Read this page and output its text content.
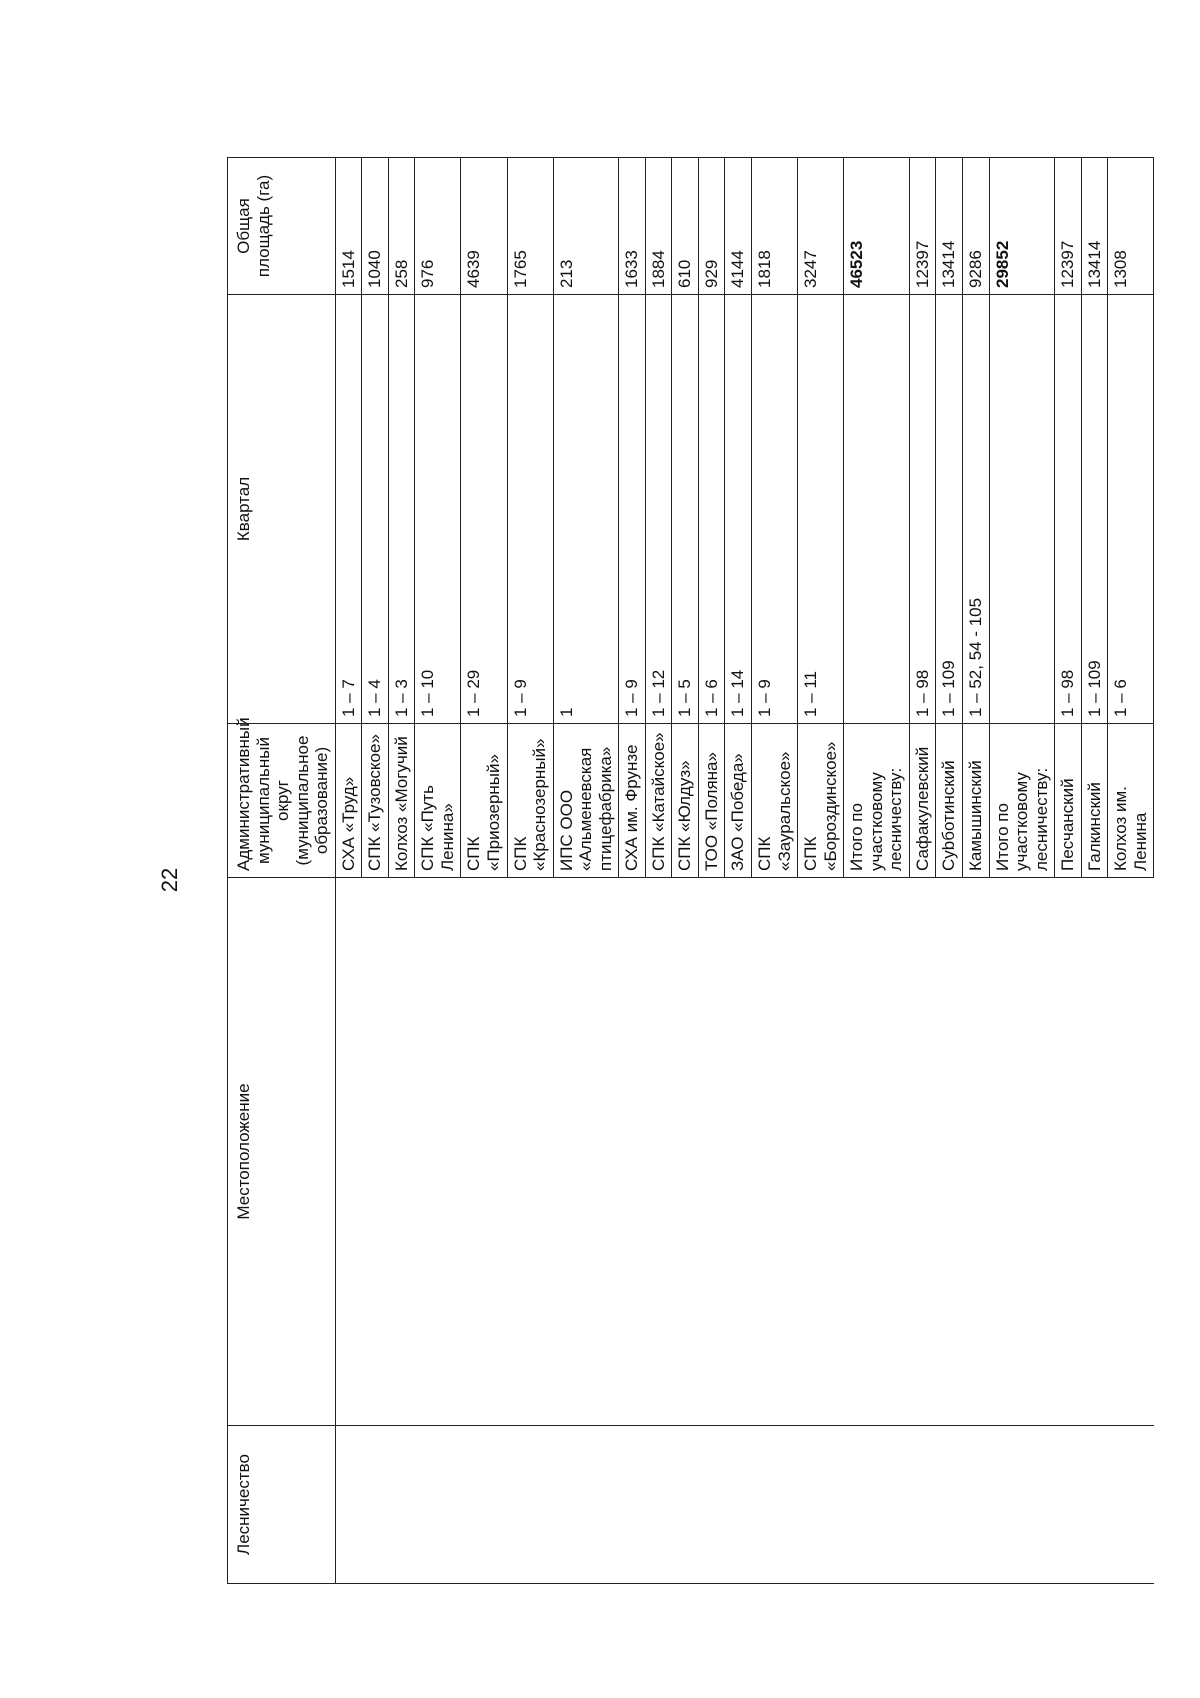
22
Лесничество	Местоположение	Административный муниципальный округ (муниципальное образование)	Квартал	Общая площадь (га)
		СХА «Труд»	1 – 7	1514
		СПК «Тузовское»	1 – 4	1040
		Колхоз «Могучий	1 – 3	258
		СПК «Путь Ленина»	1 – 10	976
		СПК «Приозерный»	1 – 29	4639
		СПК «Краснозерный»	1 – 9	1765
		ИПС ООО «Альменевская птицефабрика»	1	213
		СХА им. Фрунзе	1 – 9	1633
		СПК «Катайское»	1 – 12	1884
		СПК «Юлдуз»	1 – 5	610
		ТОО «Поляна»	1 – 6	929
		ЗАО «Победа»	1 – 14	4144
		СПК «Зауральское»	1 – 9	1818
		СПК «Бороздинское»	1 – 11	3247
		Итого по участковому лесничеству:		46523
		Сафакулевский	1 – 98	12397
		Суbботинский	1 – 109	13414
		Камышинский	1 – 52, 54 - 105	9286
		Итого по участковому лесничеству:		29852
		Песчанский	1 – 98	12397
		Галкинский	1 – 109	13414
		Колхоз им. Ленина	1 – 6	1308
